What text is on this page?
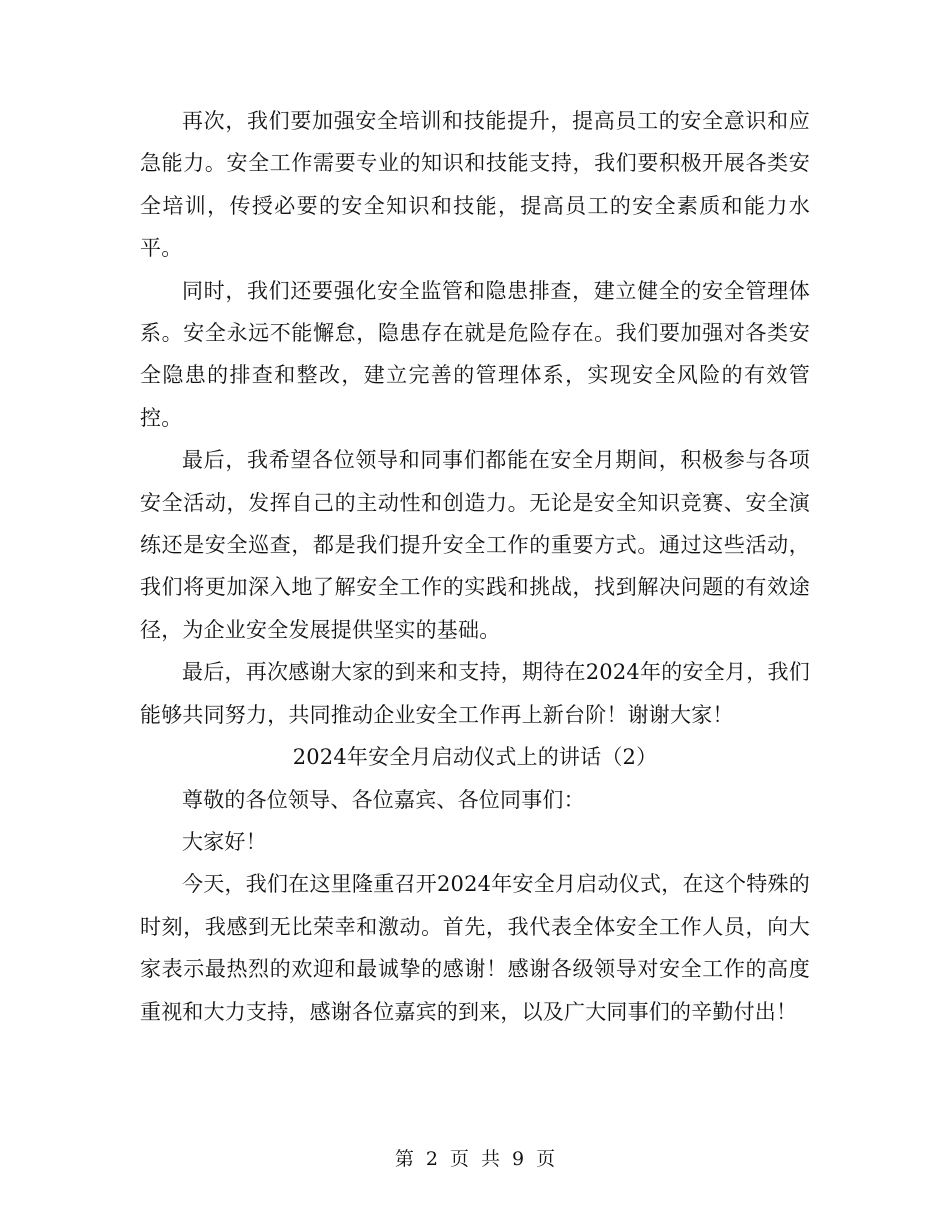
再次，我们要加强安全培训和技能提升，提高员工的安全意识和应急能力。安全工作需要专业的知识和技能支持，我们要积极开展各类安全培训，传授必要的安全知识和技能，提高员工的安全素质和能力水平。

同时，我们还要强化安全监管和隐患排查，建立健全的安全管理体系。安全永远不能懈怠，隐患存在就是危险存在。我们要加强对各类安全隐患的排查和整改，建立完善的管理体系，实现安全风险的有效管控。

最后，我希望各位领导和同事们都能在安全月期间，积极参与各项安全活动，发挥自己的主动性和创造力。无论是安全知识竞赛、安全演练还是安全巡查，都是我们提升安全工作的重要方式。通过这些活动，我们将更加深入地了解安全工作的实践和挑战，找到解决问题的有效途径，为企业安全发展提供坚实的基础。

最后，再次感谢大家的到来和支持，期待在2024年的安全月，我们能够共同努力，共同推动企业安全工作再上新台阶！谢谢大家！

2024年安全月启动仪式上的讲话（2）

尊敬的各位领导、各位嘉宾、各位同事们：

大家好！

今天，我们在这里隆重召开2024年安全月启动仪式，在这个特殊的时刻，我感到无比荣幸和激动。首先，我代表全体安全工作人员，向大家表示最热烈的欢迎和最诚挚的感谢！感谢各级领导对安全工作的高度重视和大力支持，感谢各位嘉宾的到来，以及广大同事们的辛勤付出！

第 2 页 共 9 页
